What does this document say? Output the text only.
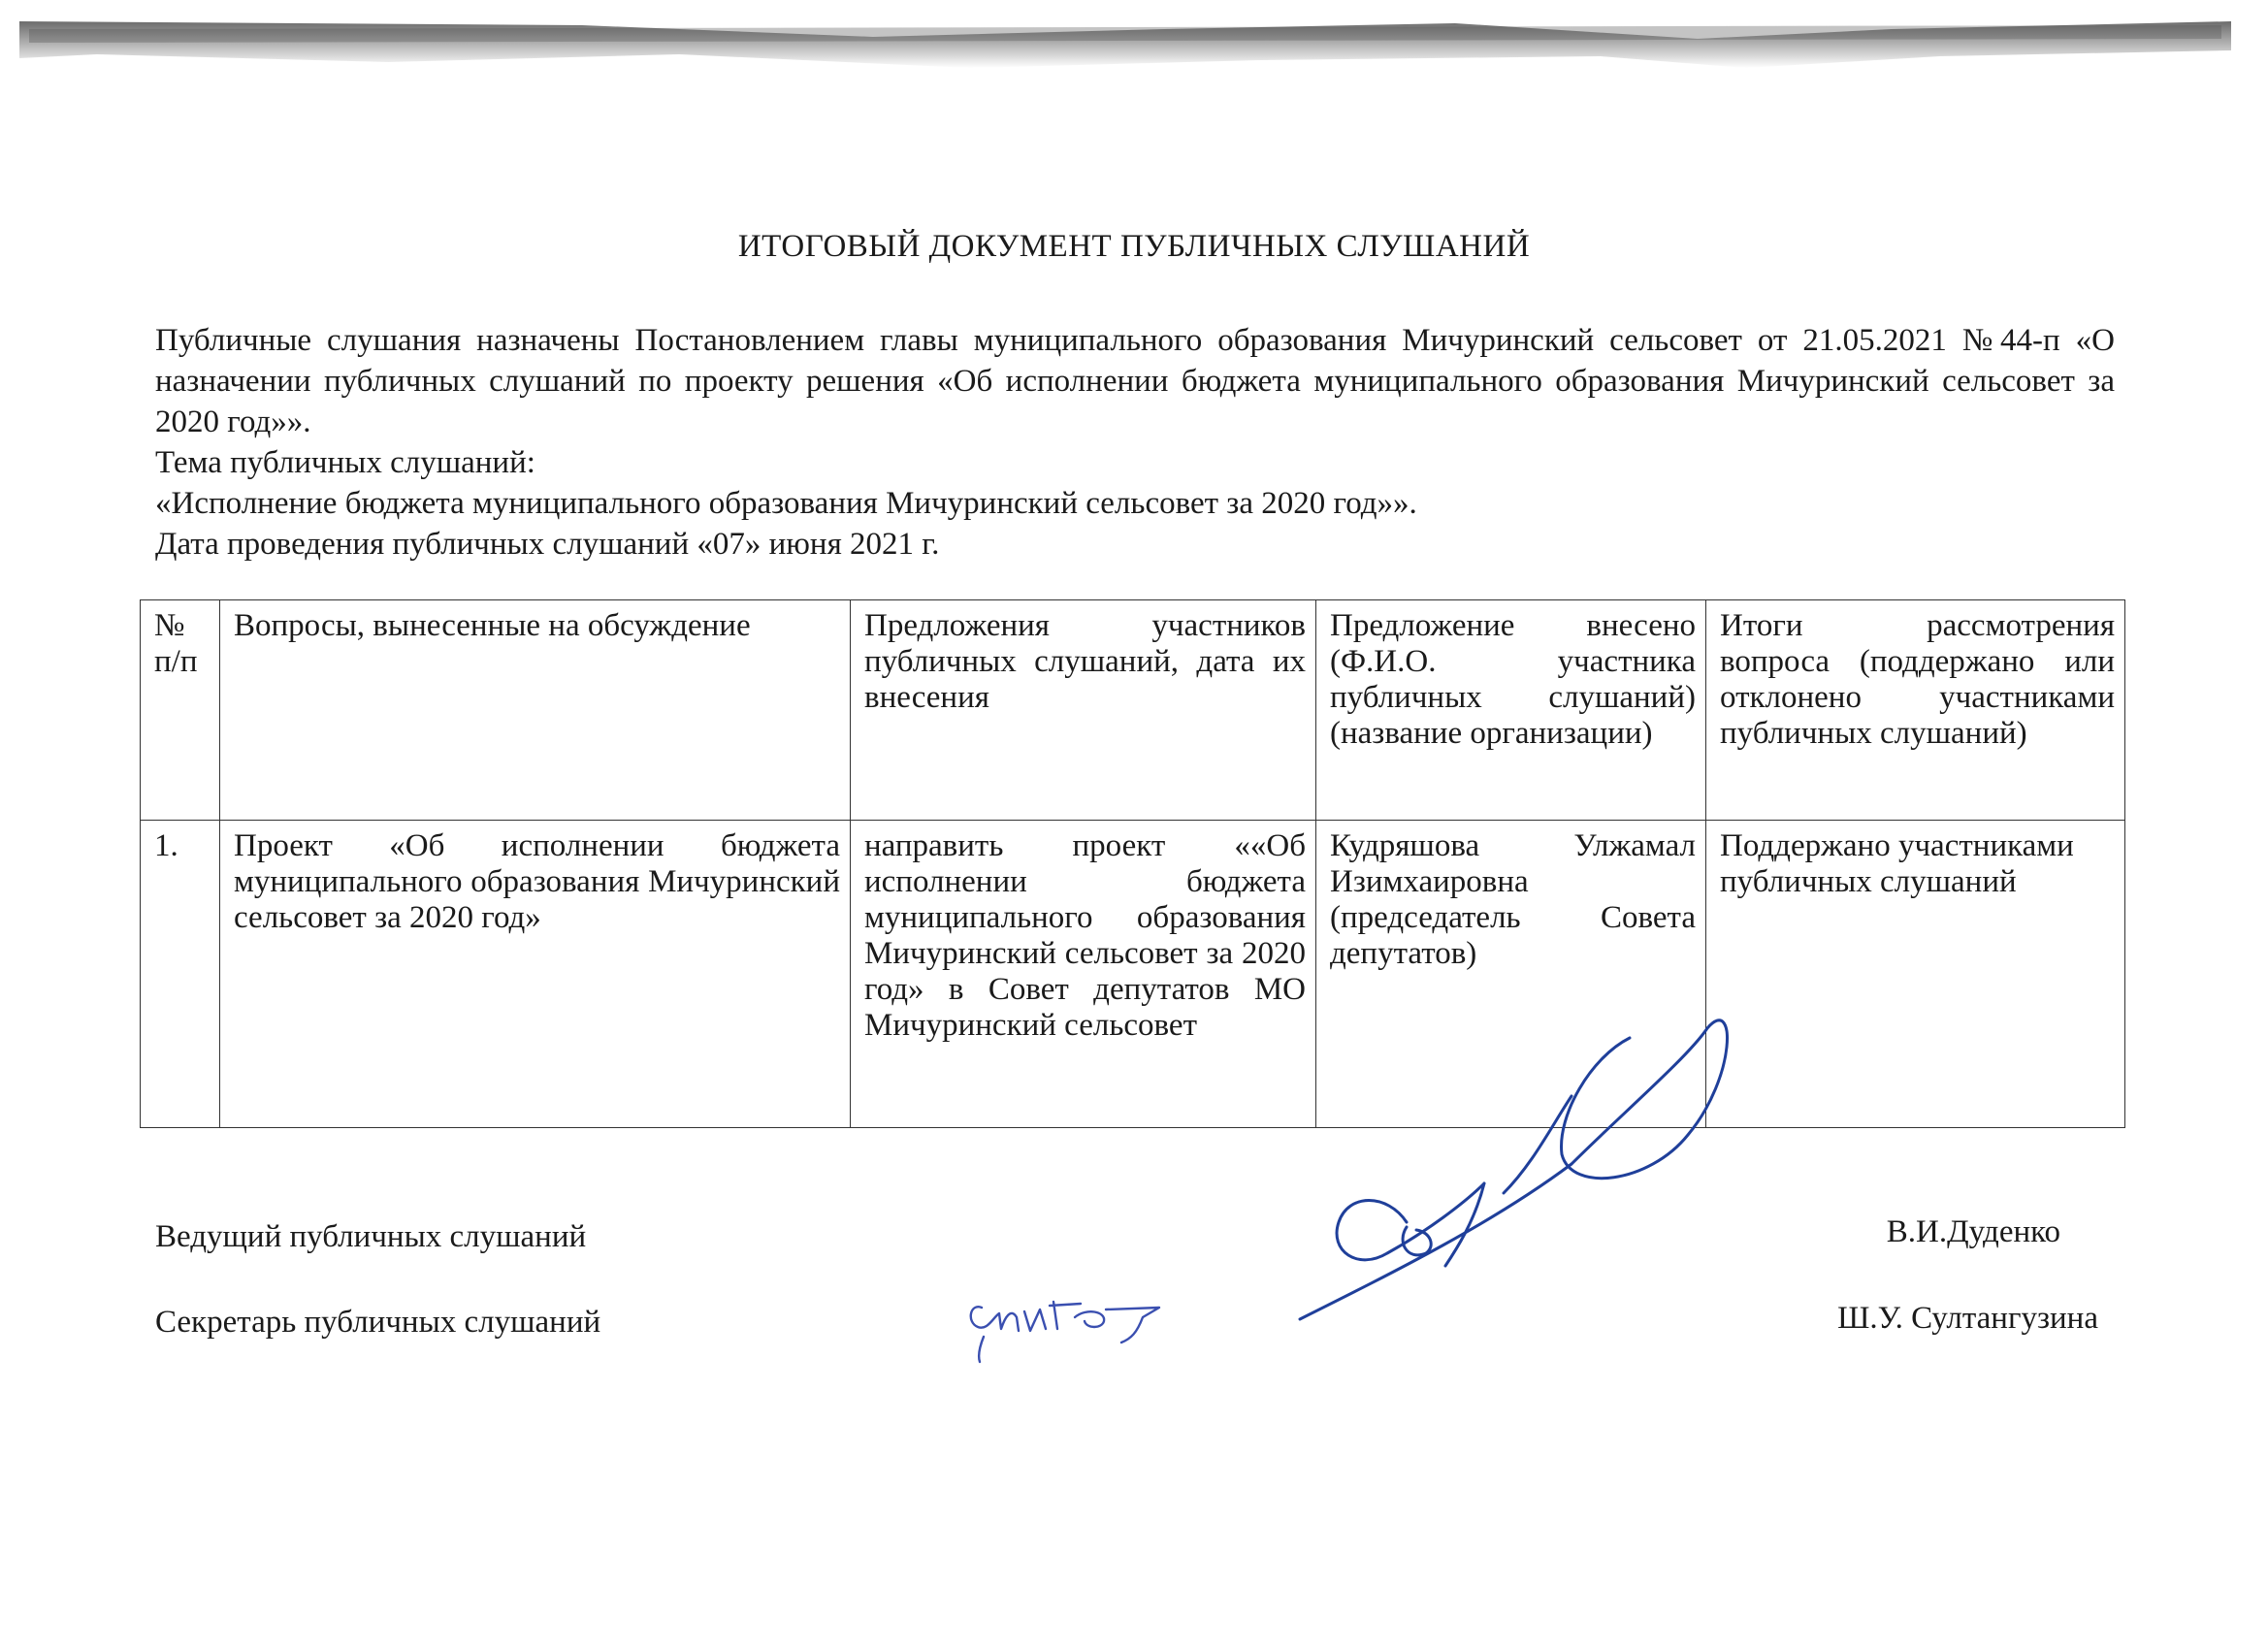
ИТОГОВЫЙ ДОКУМЕНТ ПУБЛИЧНЫХ СЛУШАНИЙ

Публичные слушания назначены Постановлением главы муниципального образования Мичуринский сельсовет от 21.05.2021 №44-п «О назначении публичных слушаний по проекту решения «Об исполнении бюджета муниципального образования Мичуринский сельсовет за 2020 год»».

Тема публичных слушаний:

«Исполнение бюджета муниципального образования Мичуринский сельсовет за 2020 год»».

Дата проведения публичных слушаний «07» июня 2021 г.

№ п/п	Вопросы, вынесенные на обсуждение	Предложения участников публичных слушаний, дата их внесения	Предложение внесено (Ф.И.О. участника публичных слушаний) (название организации)	Итоги рассмотрения вопроса (поддержано или отклонено участниками публичных слушаний)
1.	Проект «Об исполнении бюджета муниципального образования Мичуринский сельсовет за 2020 год»	направить проект ««Об исполнении бюджета муниципального образования Мичуринский сельсовет за 2020 год» в Совет депутатов МО Мичуринский сельсовет	Кудряшова Улжамал Изимхаировна (председатель Совета депутатов)	Поддержано участниками публичных слушаний
Ведущий публичных слушаний	В.И.Дуденко
Секретарь публичных слушаний	Ш.У. Султангузина
